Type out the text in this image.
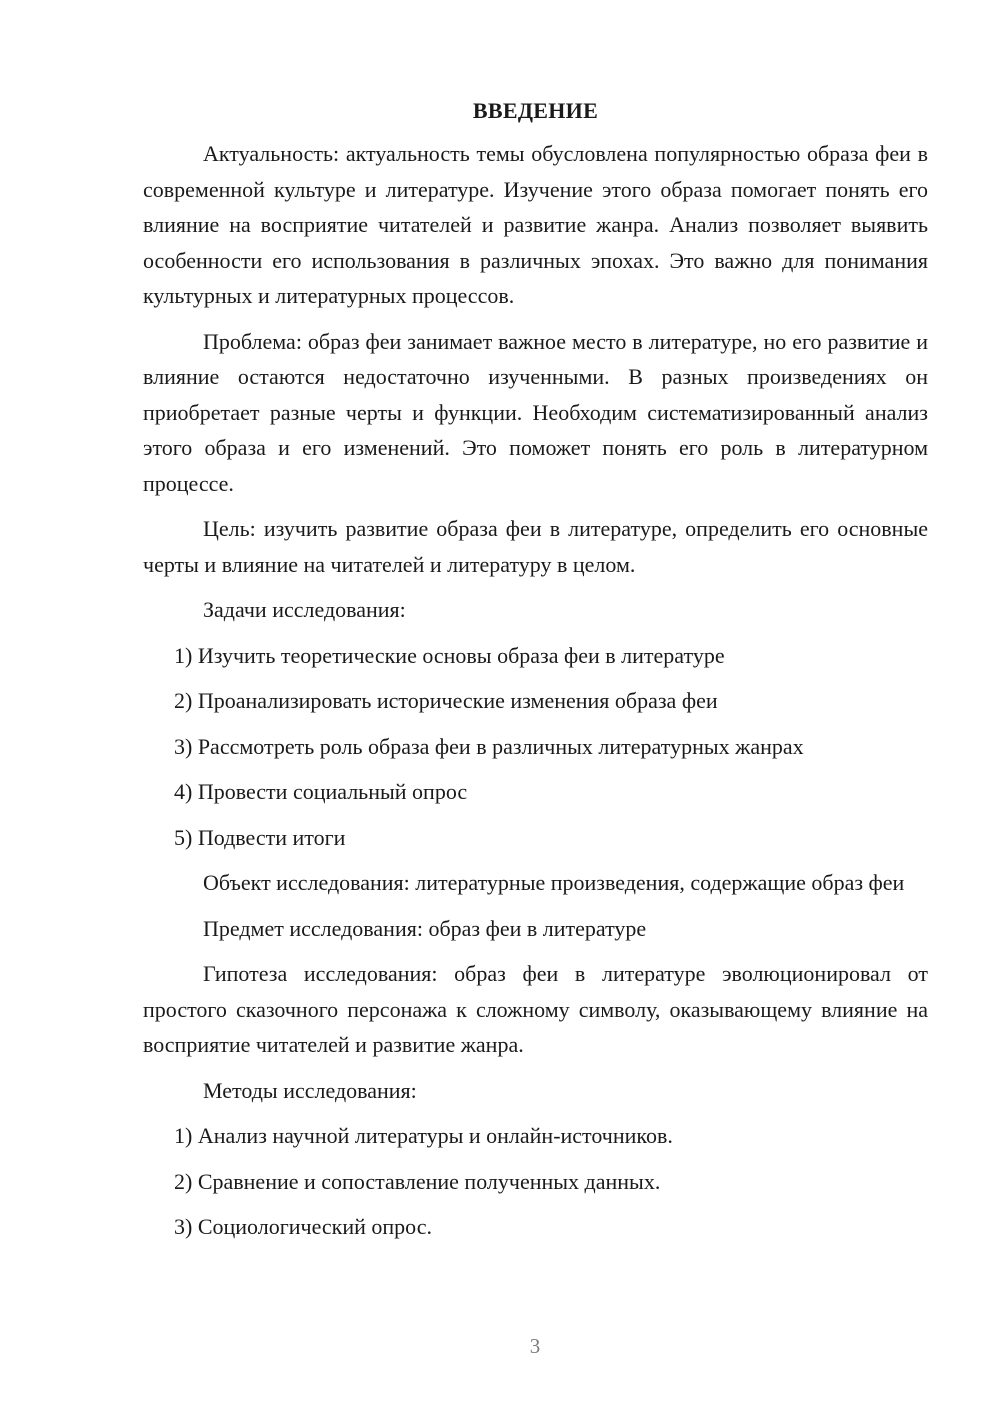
ВВЕДЕНИЕ

Актуальность: актуальность темы обусловлена популярностью образа феи в современной культуре и литературе. Изучение этого образа помогает понять его влияние на восприятие читателей и развитие жанра. Анализ позволяет выявить особенности его использования в различных эпохах. Это важно для понимания культурных и литературных процессов.

Проблема: образ феи занимает важное место в литературе, но его развитие и влияние остаются недостаточно изученными. В разных произведениях он приобретает разные черты и функции. Необходим систематизированный анализ этого образа и его изменений. Это поможет понять его роль в литературном процессе.

Цель: изучить развитие образа феи в литературе, определить его основные черты и влияние на читателей и литературу в целом.

Задачи исследования:
1) Изучить теоретические основы образа феи в литературе
2) Проанализировать исторические изменения образа феи
3) Рассмотреть роль образа феи в различных литературных жанрах
4) Провести социальный опрос
5) Подвести итоги

Объект исследования: литературные произведения, содержащие образ феи

Предмет исследования: образ феи в литературе

Гипотеза исследования: образ феи в литературе эволюционировал от простого сказочного персонажа к сложному символу, оказывающему влияние на восприятие читателей и развитие жанра.

Методы исследования:
1) Анализ научной литературы и онлайн-источников.
2) Сравнение и сопоставление полученных данных.
3) Социологический опрос.
3
